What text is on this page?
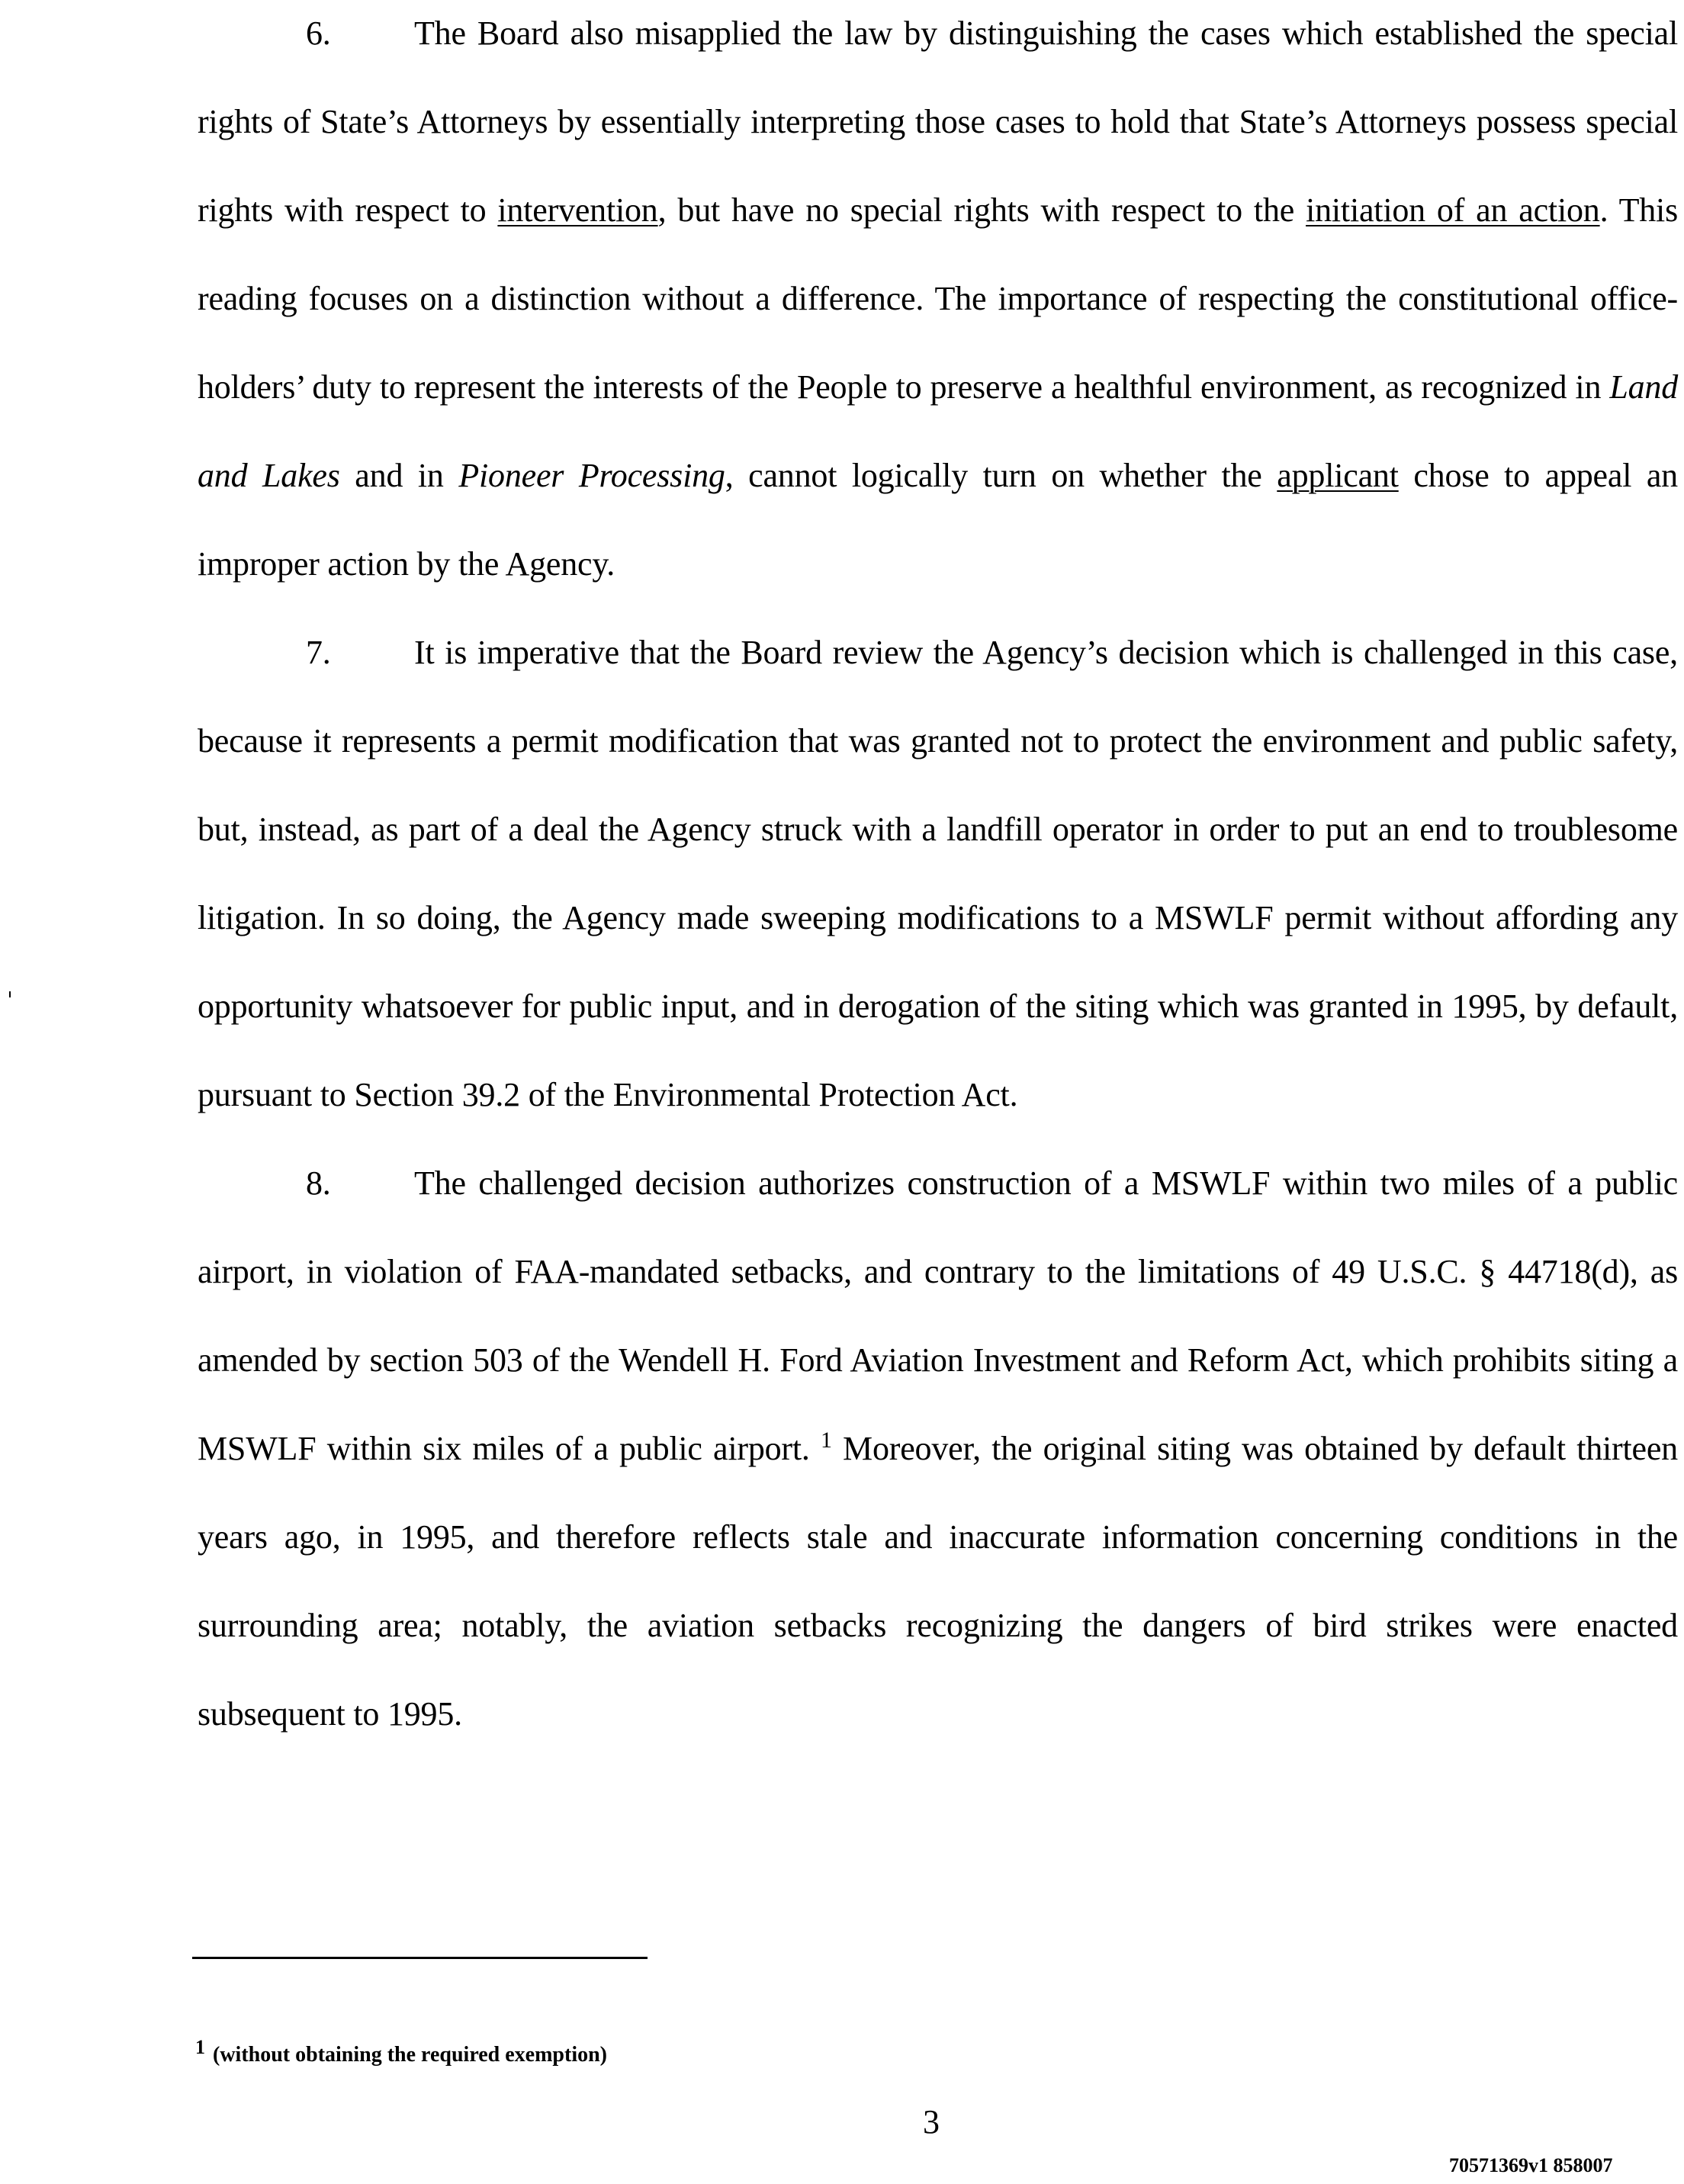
6. The Board also misapplied the law by distinguishing the cases which established the special rights of State’s Attorneys by essentially interpreting those cases to hold that State’s Attorneys possess special rights with respect to intervention, but have no special rights with respect to the initiation of an action. This reading focuses on a distinction without a difference. The importance of respecting the constitutional office-holders’ duty to represent the interests of the People to preserve a healthful environment, as recognized in Land and Lakes and in Pioneer Processing, cannot logically turn on whether the applicant chose to appeal an improper action by the Agency.

7. It is imperative that the Board review the Agency’s decision which is challenged in this case, because it represents a permit modification that was granted not to protect the environment and public safety, but, instead, as part of a deal the Agency struck with a landfill operator in order to put an end to troublesome litigation. In so doing, the Agency made sweeping modifications to a MSWLF permit without affording any opportunity whatsoever for public input, and in derogation of the siting which was granted in 1995, by default, pursuant to Section 39.2 of the Environmental Protection Act.

8. The challenged decision authorizes construction of a MSWLF within two miles of a public airport, in violation of FAA-mandated setbacks, and contrary to the limitations of 49 U.S.C. § 44718(d), as amended by section 503 of the Wendell H. Ford Aviation Investment and Reform Act, which prohibits siting a MSWLF within six miles of a public airport. $^1$ Moreover, the original siting was obtained by default thirteen years ago, in 1995, and therefore reflects stale and inaccurate information concerning conditions in the surrounding area; notably, the aviation setbacks recognizing the dangers of bird strikes were enacted subsequent to 1995.

1 (without obtaining the required exemption)
3
70571369v1 858007
